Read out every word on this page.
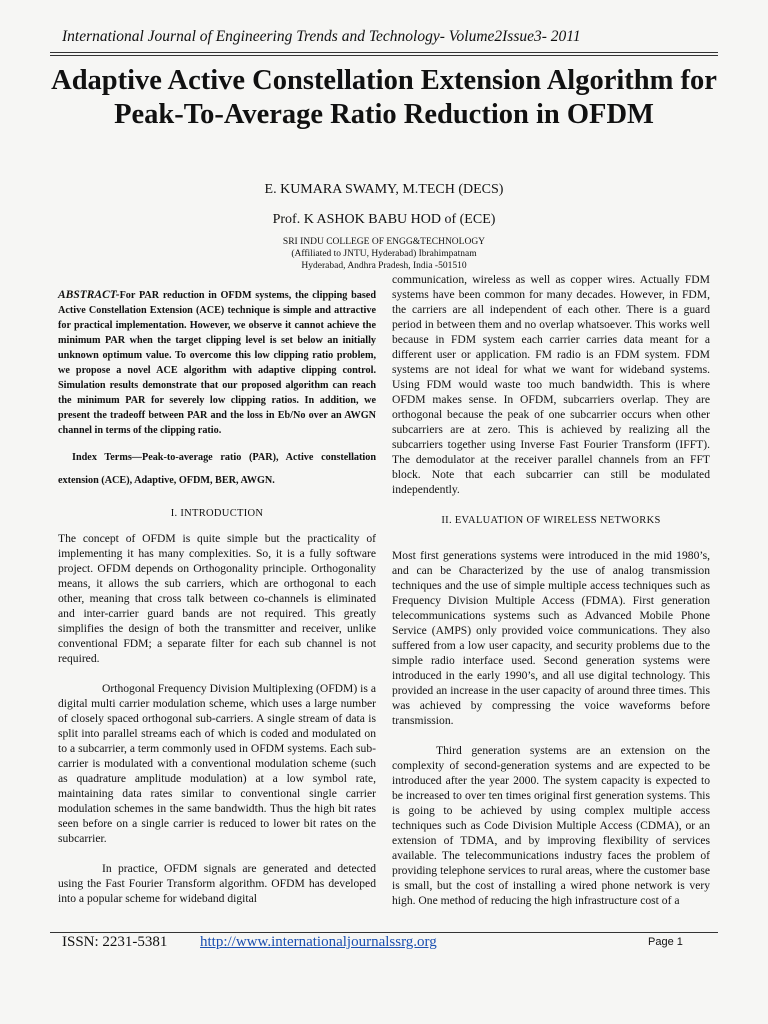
International Journal of Engineering Trends and Technology- Volume2Issue3- 2011
Adaptive Active Constellation Extension Algorithm for Peak-To-Average Ratio Reduction in OFDM
E. KUMARA SWAMY, M.TECH (DECS)
Prof. K ASHOK BABU HOD of (ECE)
SRI INDU COLLEGE OF ENGG&TECHNOLOGY
(Affiliated to JNTU, Hyderabad) Ibrahimpatnam
Hyderabad, Andhra Pradesh, India -501510

ABSTRACT-For PAR reduction in OFDM systems, the clipping based Active Constellation Extension (ACE) technique is simple and attractive for practical implementation. However, we observe it cannot achieve the minimum PAR when the target clipping level is set below an initially unknown optimum value. To overcome this low clipping ratio problem, we propose a novel ACE algorithm with adaptive clipping control. Simulation results demonstrate that our proposed algorithm can reach the minimum PAR for severely low clipping ratios. In addition, we present the tradeoff between PAR and the loss in Eb/No over an AWGN channel in terms of the clipping ratio.

Index Terms—Peak-to-average ratio (PAR), Active constellation extension (ACE), Adaptive, OFDM, BER, AWGN.

I. INTRODUCTION

The concept of OFDM is quite simple but the practicality of implementing it has many complexities. So, it is a fully software project. OFDM depends on Orthogonality principle. Orthogonality means, it allows the sub carriers, which are orthogonal to each other, meaning that cross talk between co-channels is eliminated and inter-carrier guard bands are not required. This greatly simplifies the design of both the transmitter and receiver, unlike conventional FDM; a separate filter for each sub channel is not required.

Orthogonal Frequency Division Multiplexing (OFDM) is a digital multi carrier modulation scheme, which uses a large number of closely spaced orthogonal sub-carriers. A single stream of data is split into parallel streams each of which is coded and modulated on to a subcarrier, a term commonly used in OFDM systems. Each sub-carrier is modulated with a conventional modulation scheme (such as quadrature amplitude modulation) at a low symbol rate, maintaining data rates similar to conventional single carrier modulation schemes in the same bandwidth. Thus the high bit rates seen before on a single carrier is reduced to lower bit rates on the subcarrier.

In practice, OFDM signals are generated and detected using the Fast Fourier Transform algorithm. OFDM has developed into a popular scheme for wideband digital

communication, wireless as well as copper wires. Actually FDM systems have been common for many decades. However, in FDM, the carriers are all independent of each other. There is a guard period in between them and no overlap whatsoever. This works well because in FDM system each carrier carries data meant for a different user or application. FM radio is an FDM system. FDM systems are not ideal for what we want for wideband systems. Using FDM would waste too much bandwidth. This is where OFDM makes sense. In OFDM, subcarriers overlap. They are orthogonal because the peak of one subcarrier occurs when other subcarriers are at zero. This is achieved by realizing all the subcarriers together using Inverse Fast Fourier Transform (IFFT). The demodulator at the receiver parallel channels from an FFT block. Note that each subcarrier can still be modulated independently.

II. EVALUATION OF WIRELESS NETWORKS

Most first generations systems were introduced in the mid 1980’s, and can be Characterized by the use of analog transmission techniques and the use of simple multiple access techniques such as Frequency Division Multiple Access (FDMA). First generation telecommunications systems such as Advanced Mobile Phone Service (AMPS) only provided voice communications. They also suffered from a low user capacity, and security problems due to the simple radio interface used. Second generation systems were introduced in the early 1990’s, and all use digital technology. This provided an increase in the user capacity of around three times. This was achieved by compressing the voice waveforms before transmission.

Third generation systems are an extension on the complexity of second-generation systems and are expected to be introduced after the year 2000. The system capacity is expected to be increased to over ten times original first generation systems. This is going to be achieved by using complex multiple access techniques such as Code Division Multiple Access (CDMA), or an extension of TDMA, and by improving flexibility of services available. The telecommunications industry faces the problem of providing telephone services to rural areas, where the customer base is small, but the cost of installing a wired phone network is very high. One method of reducing the high infrastructure cost of a

ISSN: 2231-5381 http://www.internationaljournalssrg.org	Page 1
